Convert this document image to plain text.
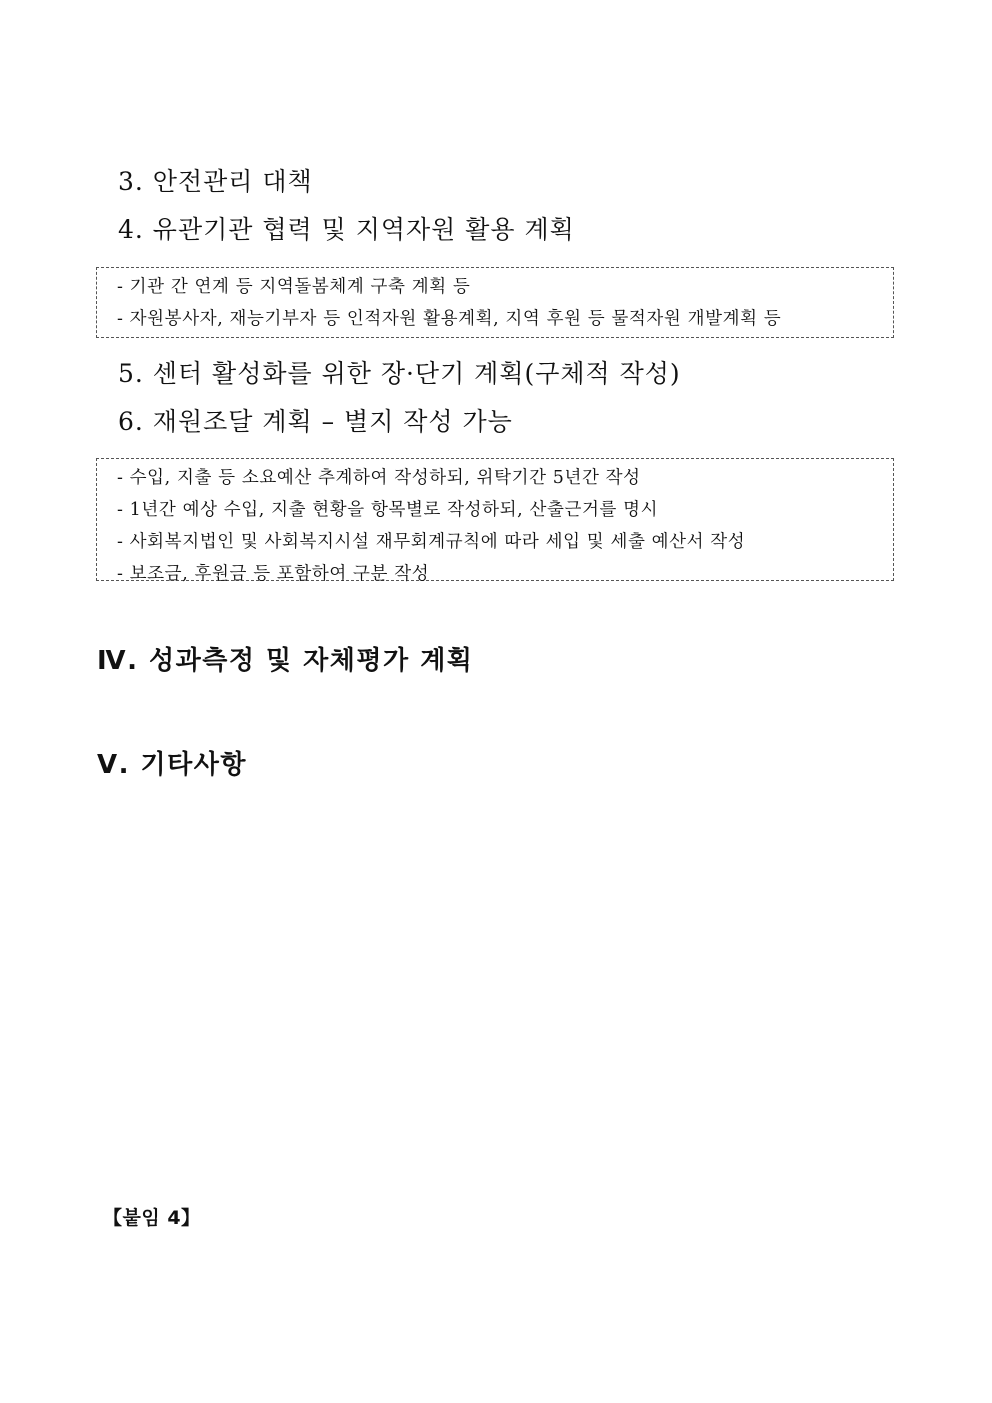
3. 안전관리 대책
4. 유관기관 협력 및 지역자원 활용 계획
- 기관 간 연계 등 지역돌봄체계 구축 계획 등
- 자원봉사자, 재능기부자 등 인적자원 활용계획, 지역 후원 등 물적자원 개발계획 등
5. 센터 활성화를 위한 장·단기 계획(구체적 작성)
6. 재원조달 계획 – 별지 작성 가능
- 수입, 지출 등 소요예산 추계하여 작성하되, 위탁기간 5년간 작성
- 1년간 예상 수입, 지출 현황을 항목별로 작성하되, 산출근거를 명시
- 사회복지법인 및 사회복지시설 재무회계규칙에 따라 세입 및 세출 예산서 작성
- 보조금, 후원금 등 포함하여 구분 작성
Ⅳ. 성과측정 및 자체평가 계획
Ⅴ. 기타사항
【붙임 4】
